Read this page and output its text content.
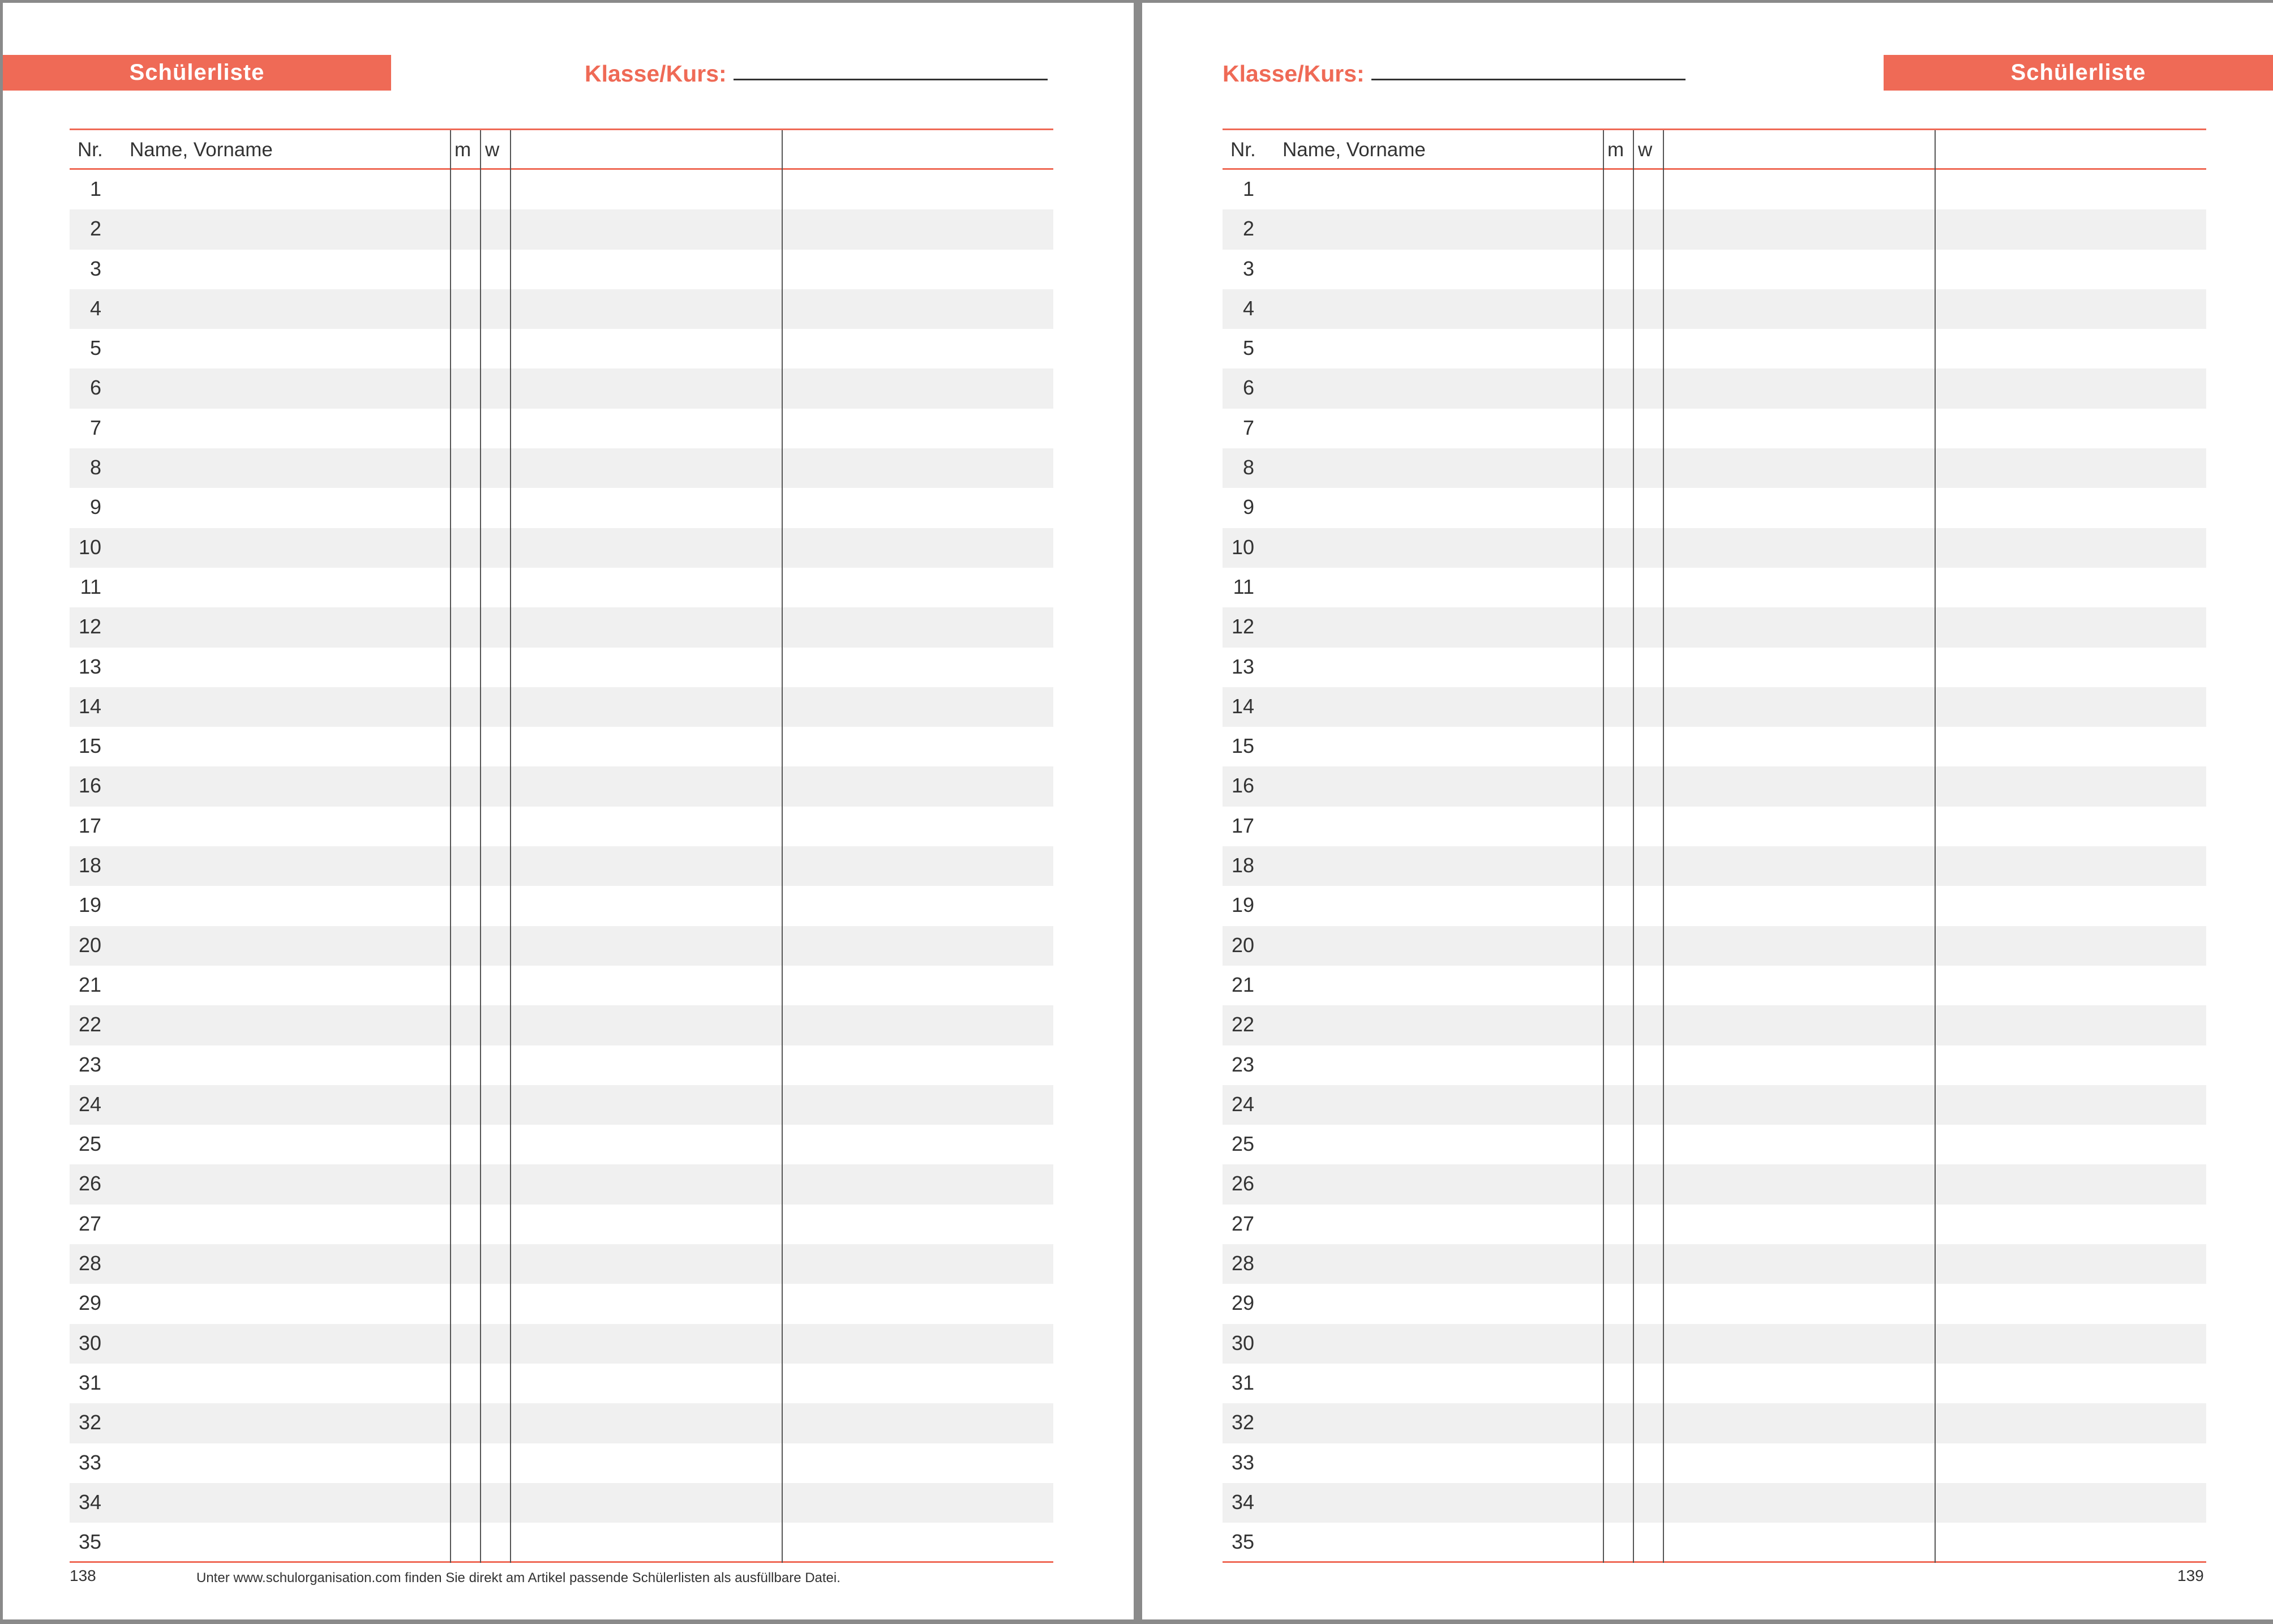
Schülerliste	Klasse/Kurs:
Nr. Name, Vorname	m w
1
2
3
4
5
6
7
8
9
10
11
12
13
14
15
16
17
18
19
20
21
22
23
24
25
26
27
28
29
30
31
32
33
34
35
138	Unter www.schulorganisation.com finden Sie direkt am Artikel passende Schülerlisten als ausfüllbare Datei.
Klasse/Kurs:	Schülerliste
Nr. Name, Vorname	m w
1
2
3
4
5
6
7
8
9
10
11
12
13
14
15
16
17
18
19
20
21
22
23
24
25
26
27
28
29
30
31
32
33
34
35
139
